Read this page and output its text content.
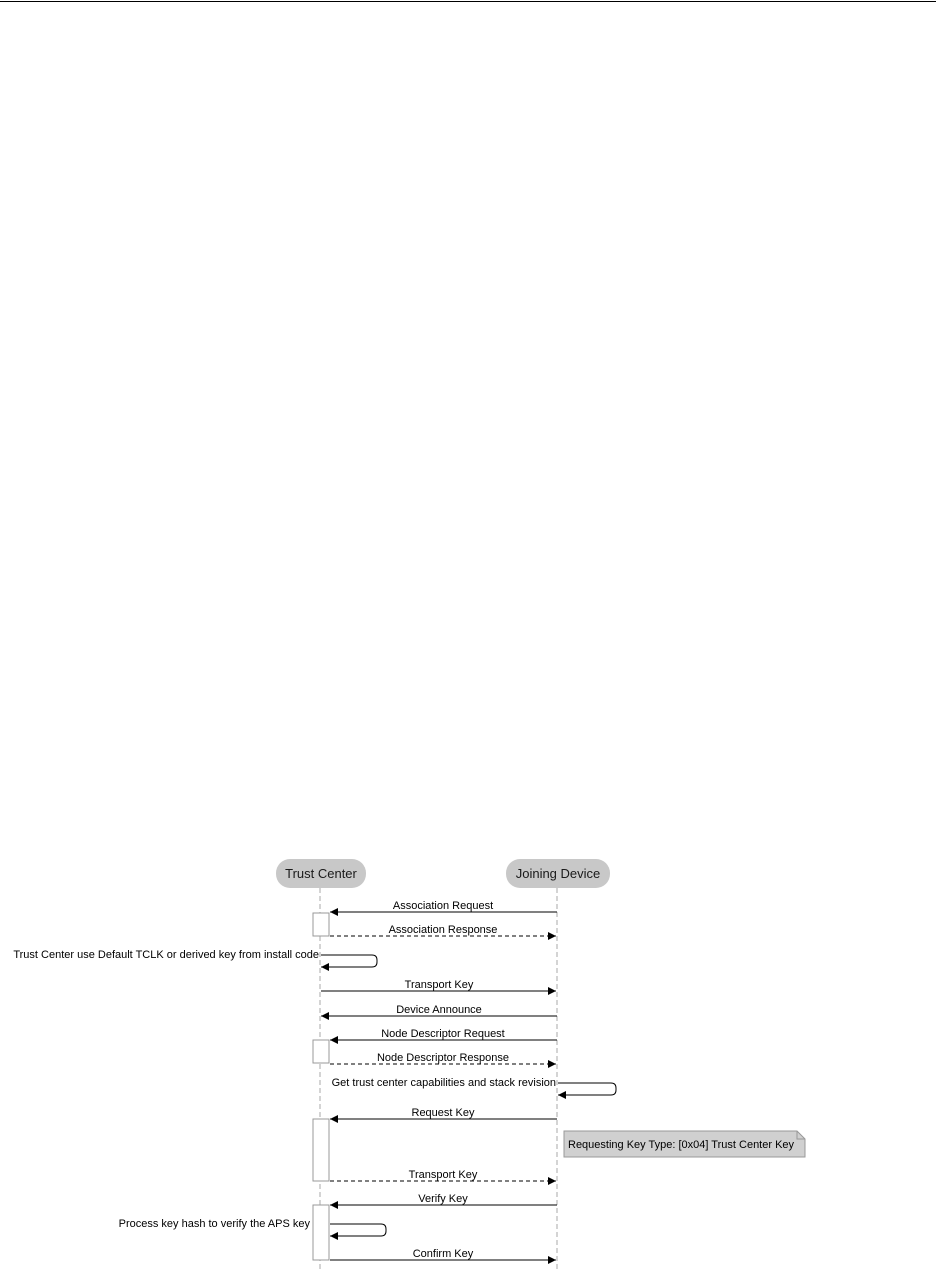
Trust Center	Joining Device
Association Request
Association Response
Trust Center use Default TCLK or derived key from install code
Transport Key
Device Announce
Node Descriptor Request
Node Descriptor Response
Get trust center capabilities and stack revision
Request Key
Requesting Key Type: [0x04] Trust Center Key
Transport Key
Verify Key
Process key hash to verify the APS key
Confirm Key
